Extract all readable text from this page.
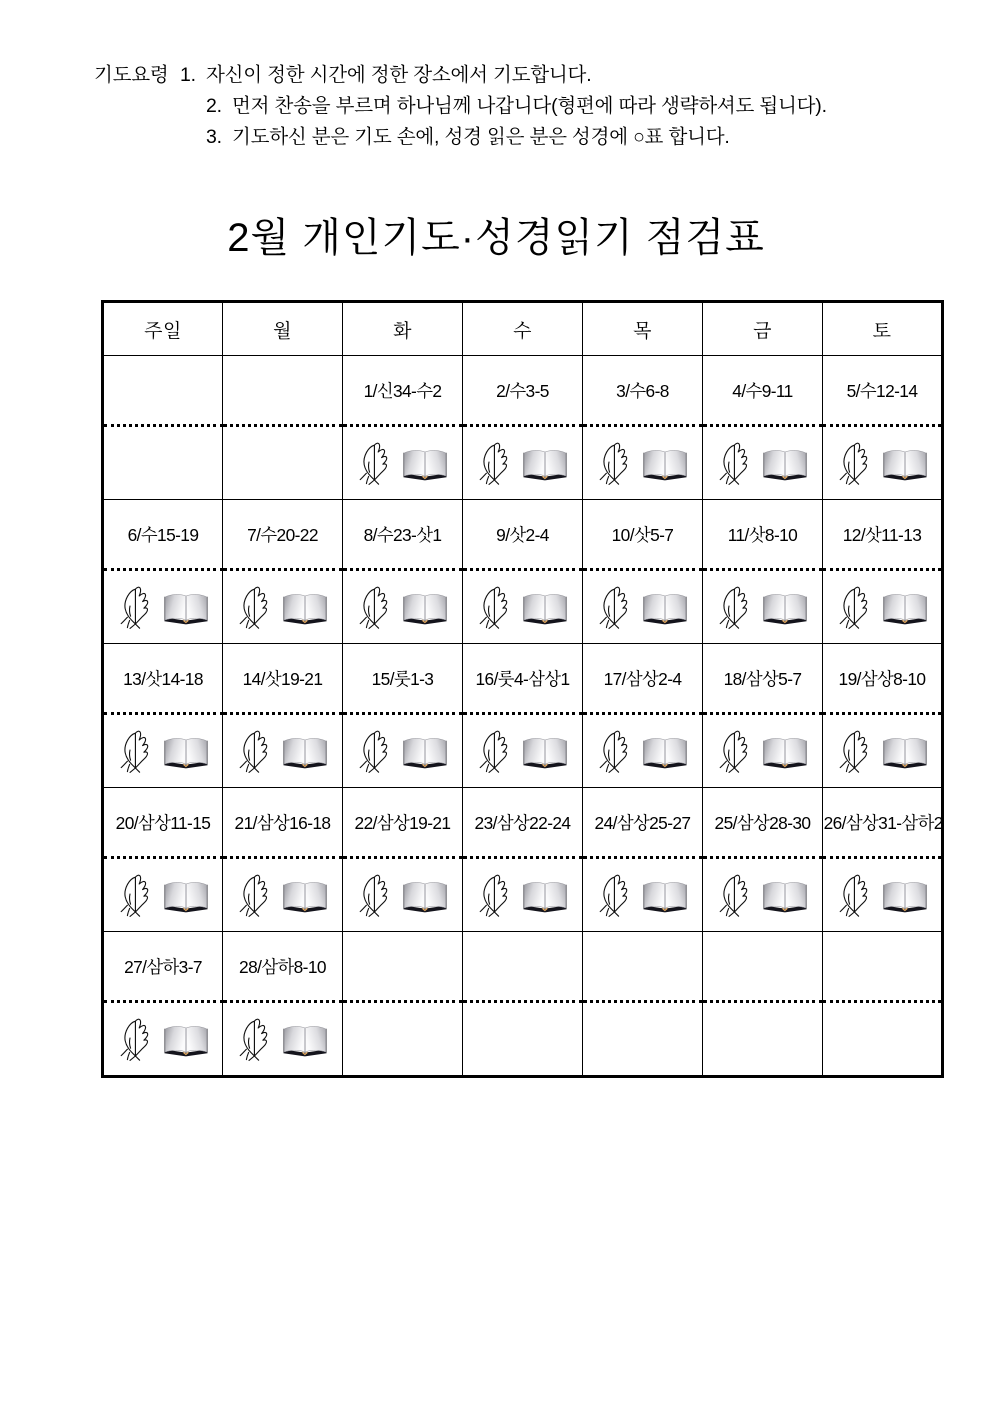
기도요령 1. 자신이 정한 시간에 정한 장소에서 기도합니다.
2. 먼저 찬송을 부르며 하나님께 나갑니다(형편에 따라 생략하셔도 됩니다).
3. 기도하신 분은 기도 손에, 성경 읽은 분은 성경에 ○표 합니다.
2월 개인기도·성경읽기 점검표
주일	월	화	수	목	금	토

		1/신34-수2	2/수3-5	3/수6-8	4/수9-11	5/수12-14

6/수15-19	7/수20-22	8/수23-삿1	9/삿2-4	10/삿5-7	11/삿8-10	12/삿11-13

13/삿14-18	14/삿19-21	15/룻1-3	16/룻4-삼상1	17/삼상2-4	18/삼상5-7	19/삼상8-10

20/삼상11-15	21/삼상16-18	22/삼상19-21	23/삼상22-24	24/삼상25-27	25/삼상28-30	26/삼상31-삼하2

27/삼하3-7	28/삼하8-10					
